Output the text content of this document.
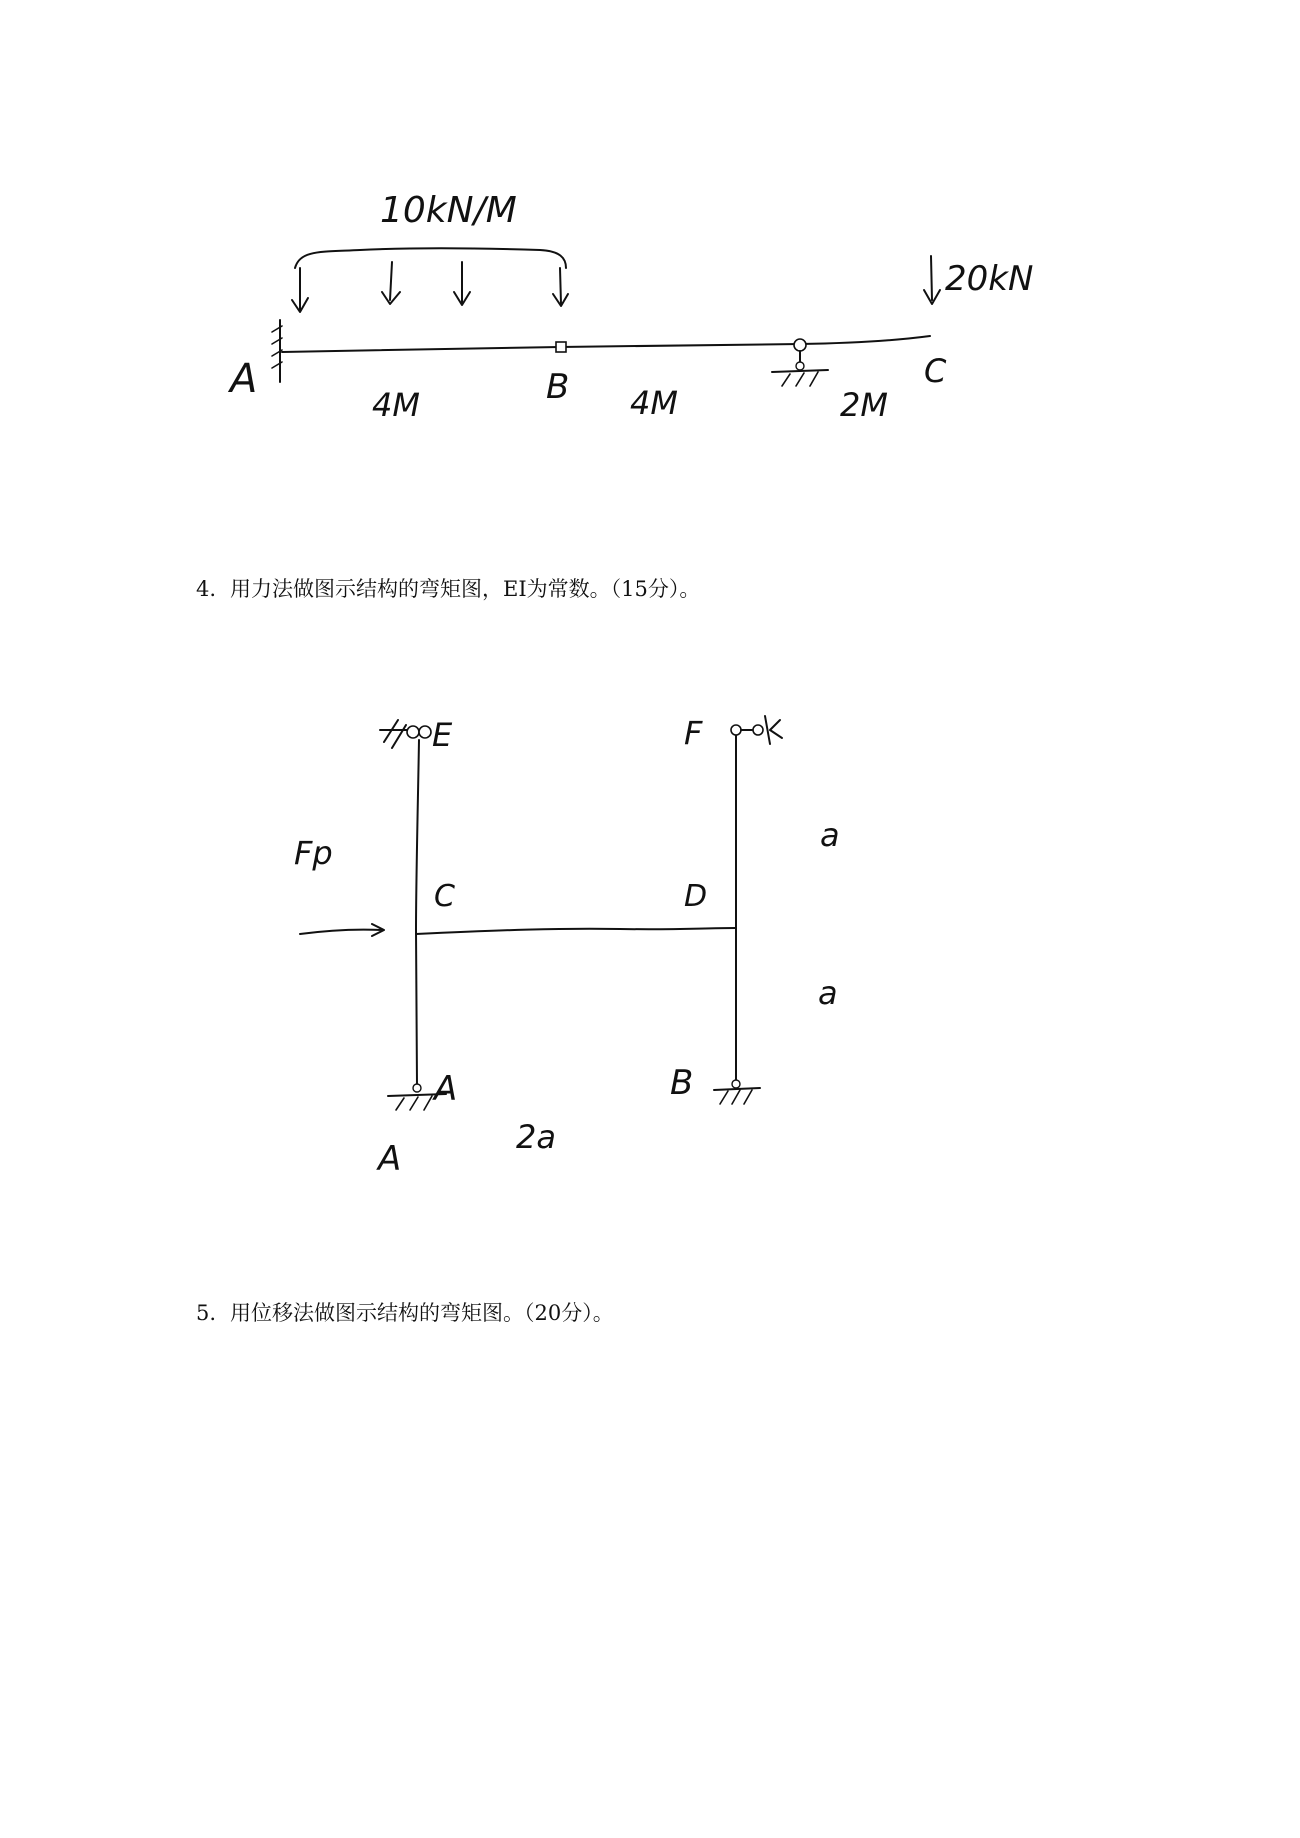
10kN/M
20kN
A	B	C
4M	4M	2M
4. 用力法做图示结构的弯矩图，EI为常数。（15分）。
E	F
Fp
C	D
A
A
B
a
a
2a
5. 用位移法做图示结构的弯矩图。（20分）。
